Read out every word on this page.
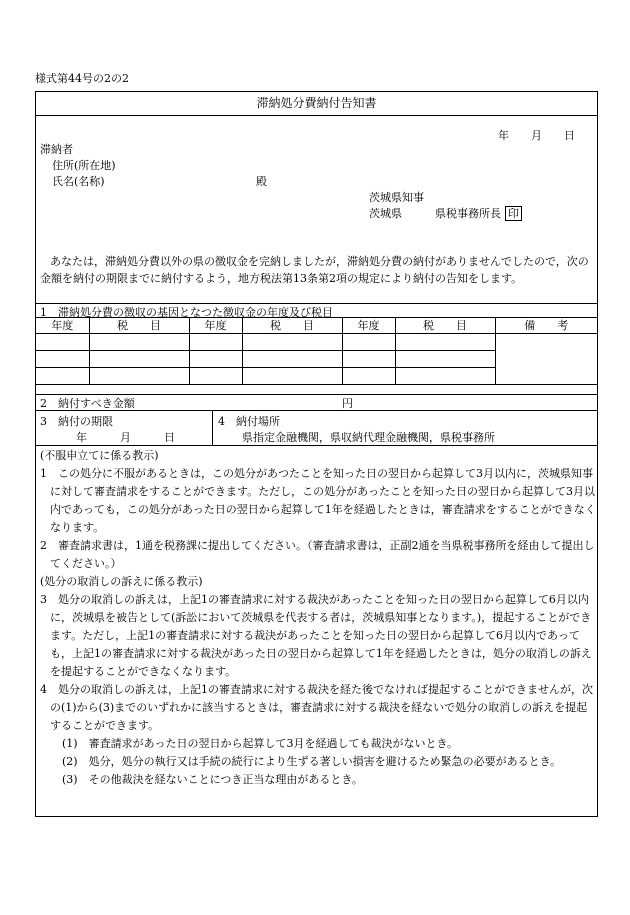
様式第44号の2の2
滞納処分費納付告知書
年　　月　　日
滞納者
住所(所在地)
氏名(名称)	殿
茨城県知事
茨城県　　　県税事務所長 印
あなたは，滞納処分費以外の県の徴収金を完納しましたが，滞納処分費の納付がありませんでしたので，次の金額を納付の期限までに納付するよう，地方税法第13条第2項の規定により納付の告知をします。
1　滞納処分費の徴収の基因となつた徴収金の年度及び税目
年度	税　　目	年度	税　　目	年度	税　　目	備　　考

2　納付すべき金額	円
3　納付の期限
年　　　月　　　日
4　納付場所
県指定金融機関，県収納代理金融機関，県税事務所

(不服申立てに係る教示)

1　この処分に不服があるときは，この処分があつたことを知った日の翌日から起算して3月以内に，茨城県知事に対して審査請求をすることができます。ただし，この処分があったことを知った日の翌日から起算して3月以内であっても，この処分があった日の翌日から起算して1年を経過したときは，審査請求をすることができなくなります。

2　審査請求書は，1通を税務課に提出してください。（審査請求書は，正副2通を当県税事務所を経由して提出してください。）

(処分の取消しの訴えに係る教示)

3　処分の取消しの訴えは，上記1の審査請求に対する裁決があったことを知った日の翌日から起算して6月以内に，茨城県を被告として(訴訟において茨城県を代表する者は，茨城県知事となります。)，提起することができます。ただし，上記1の審査請求に対する裁決があったことを知った日の翌日から起算して6月以内であっても，上記1の審査請求に対する裁決があった日の翌日から起算して1年を経過したときは，処分の取消しの訴えを提起することができなくなります。

4　処分の取消しの訴えは，上記1の審査請求に対する裁決を経た後でなければ提起することができませんが，次の(1)から(3)までのいずれかに該当するときは，審査請求に対する裁決を経ないで処分の取消しの訴えを提起することができます。

(1)　審査請求があった日の翌日から起算して3月を経過しても裁決がないとき。

(2)　処分，処分の執行又は手続の続行により生ずる著しい損害を避けるため緊急の必要があるとき。

(3)　その他裁決を経ないことにつき正当な理由があるとき。
